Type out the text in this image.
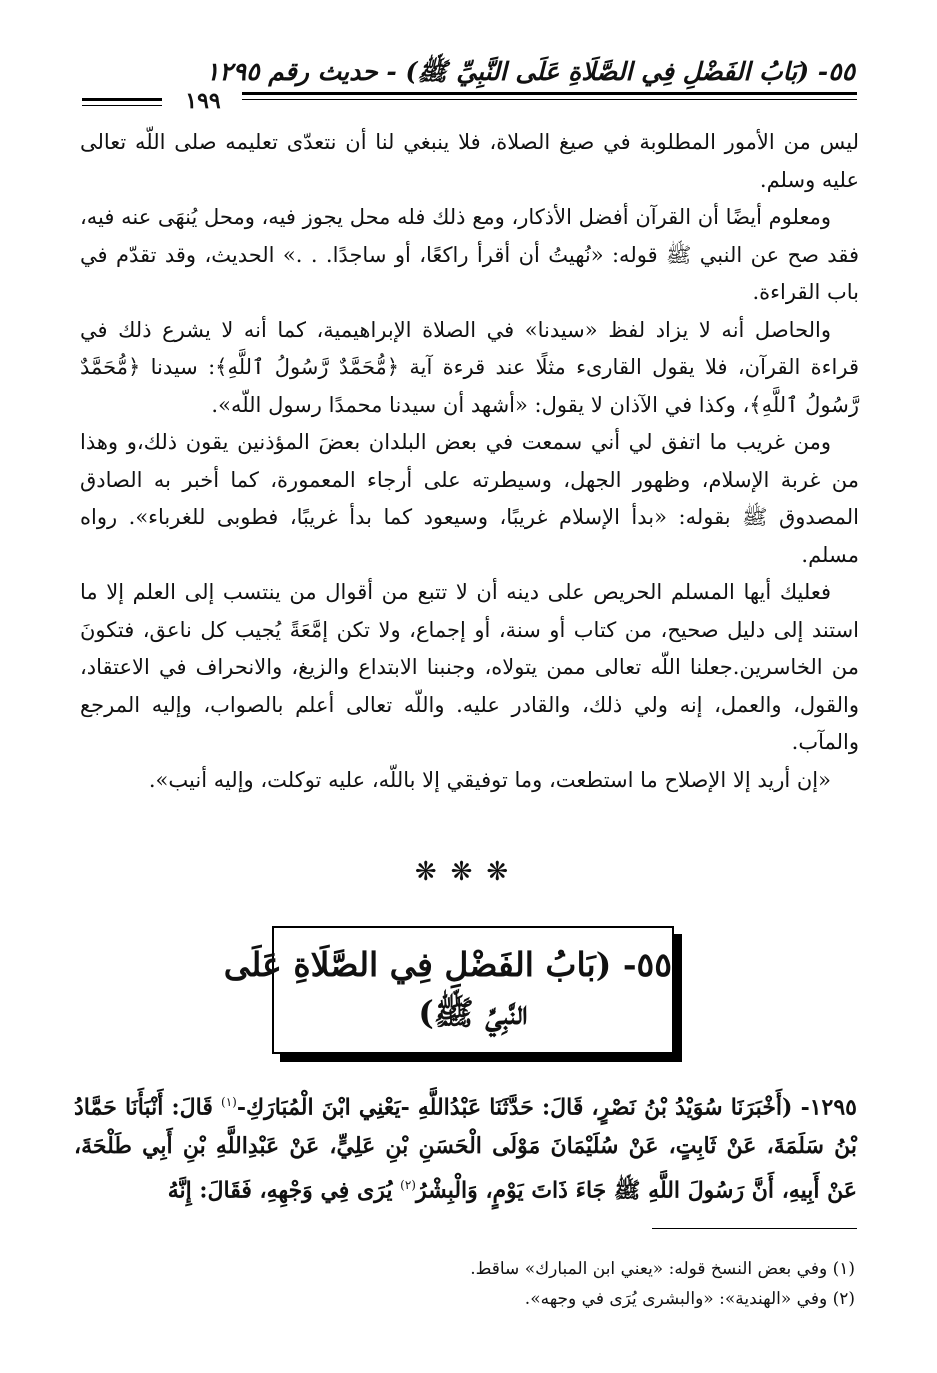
٥٥- (بَابُ الفَضْلِ فِي الصَّلَاةِ عَلَى النَّبِيِّ ﷺ) - حديث رقم ١٢٩٥
١٩٩

ليس من الأمور المطلوبة في صيغ الصلاة، فلا ينبغي لنا أن نتعدّى تعليمه صلى اللّه تعالى عليه وسلم.

ومعلوم أيضًا أن القرآن أفضل الأذكار، ومع ذلك فله محل يجوز فيه، ومحل يُنهَى عنه فيه، فقد صح عن النبي ﷺ قوله: «نُهيتُ أن أقرأ راكعًا، أو ساجدًا. . .» الحديث، وقد تقدّم في باب القراءة.

والحاصل أنه لا يزاد لفظ «سيدنا» في الصلاة الإبراهيمية، كما أنه لا يشرع ذلك في قراءة القرآن، فلا يقول القارىء مثلًا عند قرءة آية ﴿مُّحَمَّدٌ رَّسُولُ ٱللَّهِ﴾: سيدنا ﴿مُّحَمَّدٌ رَّسُولُ ٱللَّهِ﴾، وكذا في الآذان لا يقول: «أشهد أن سيدنا محمدًا رسول اللّه».

ومن غريب ما اتفق لي أني سمعت في بعض البلدان بعضَ المؤذنين يقون ذلك،و وهذا من غربة الإسلام، وظهور الجهل، وسيطرته على أرجاء المعمورة، كما أخبر به الصادق المصدوق ﷺ بقوله: «بدأ الإسلام غريبًا، وسيعود كما بدأ غريبًا، فطوبى للغرباء». رواه مسلم.

فعليك أيها المسلم الحريص على دينه أن لا تتبع من أقوال من ينتسب إلى العلم إلا ما استند إلى دليل صحيح، من كتاب أو سنة، أو إجماع، ولا تكن إمَّعَةً يُجيب كل ناعق، فتكونَ من الخاسرين.جعلنا اللّه تعالى ممن يتولاه، وجنبنا الابتداع والزيغ، والانحراف في الاعتقاد، والقول، والعمل، إنه ولي ذلك، والقادر عليه. واللّه تعالى أعلم بالصواب، وإليه المرجع والمآب.

«إن أريد إلا الإصلاح ما استطعت، وما توفيقي إلا باللّه، عليه توكلت، وإليه أنيب».

❋❋❋
٥٥- (بَابُ الفَضْلِ فِي الصَّلَاةِ عَلَى
النَّبِيِّ ﷺ)

١٢٩٥- (أَخْبَرَنَا سُوَيْدُ بْنُ نَصْرٍ، قَالَ: حَدَّثَنَا عَبْدُاللَّهِ -يَعْنِي ابْنَ الْمُبَارَكِ-$^{(١)}$ قَالَ: أَنْبَأَنَا حَمَّادُ بْنُ سَلَمَةَ، عَنْ ثَابِتٍ، عَنْ سُلَيْمَانَ مَوْلَى الْحَسَنِ بْنِ عَلِيٍّ، عَنْ عَبْدِاللَّهِ بْنِ أَبِي طَلْحَةَ، عَنْ أَبِيهِ، أَنَّ رَسُولَ اللَّهِ ﷺ جَاءَ ذَاتَ يَوْمٍ، وَالْبِشْرُ$^{(٢)}$ يُرَى فِي وَجْهِهِ، فَقَالَ: إِنَّهُ

(١) وفي بعض النسخ قوله: «يعني ابن المبارك» ساقط.

(٢) وفي «الهندية»: «والبشرى يُرَى في وجهه».
